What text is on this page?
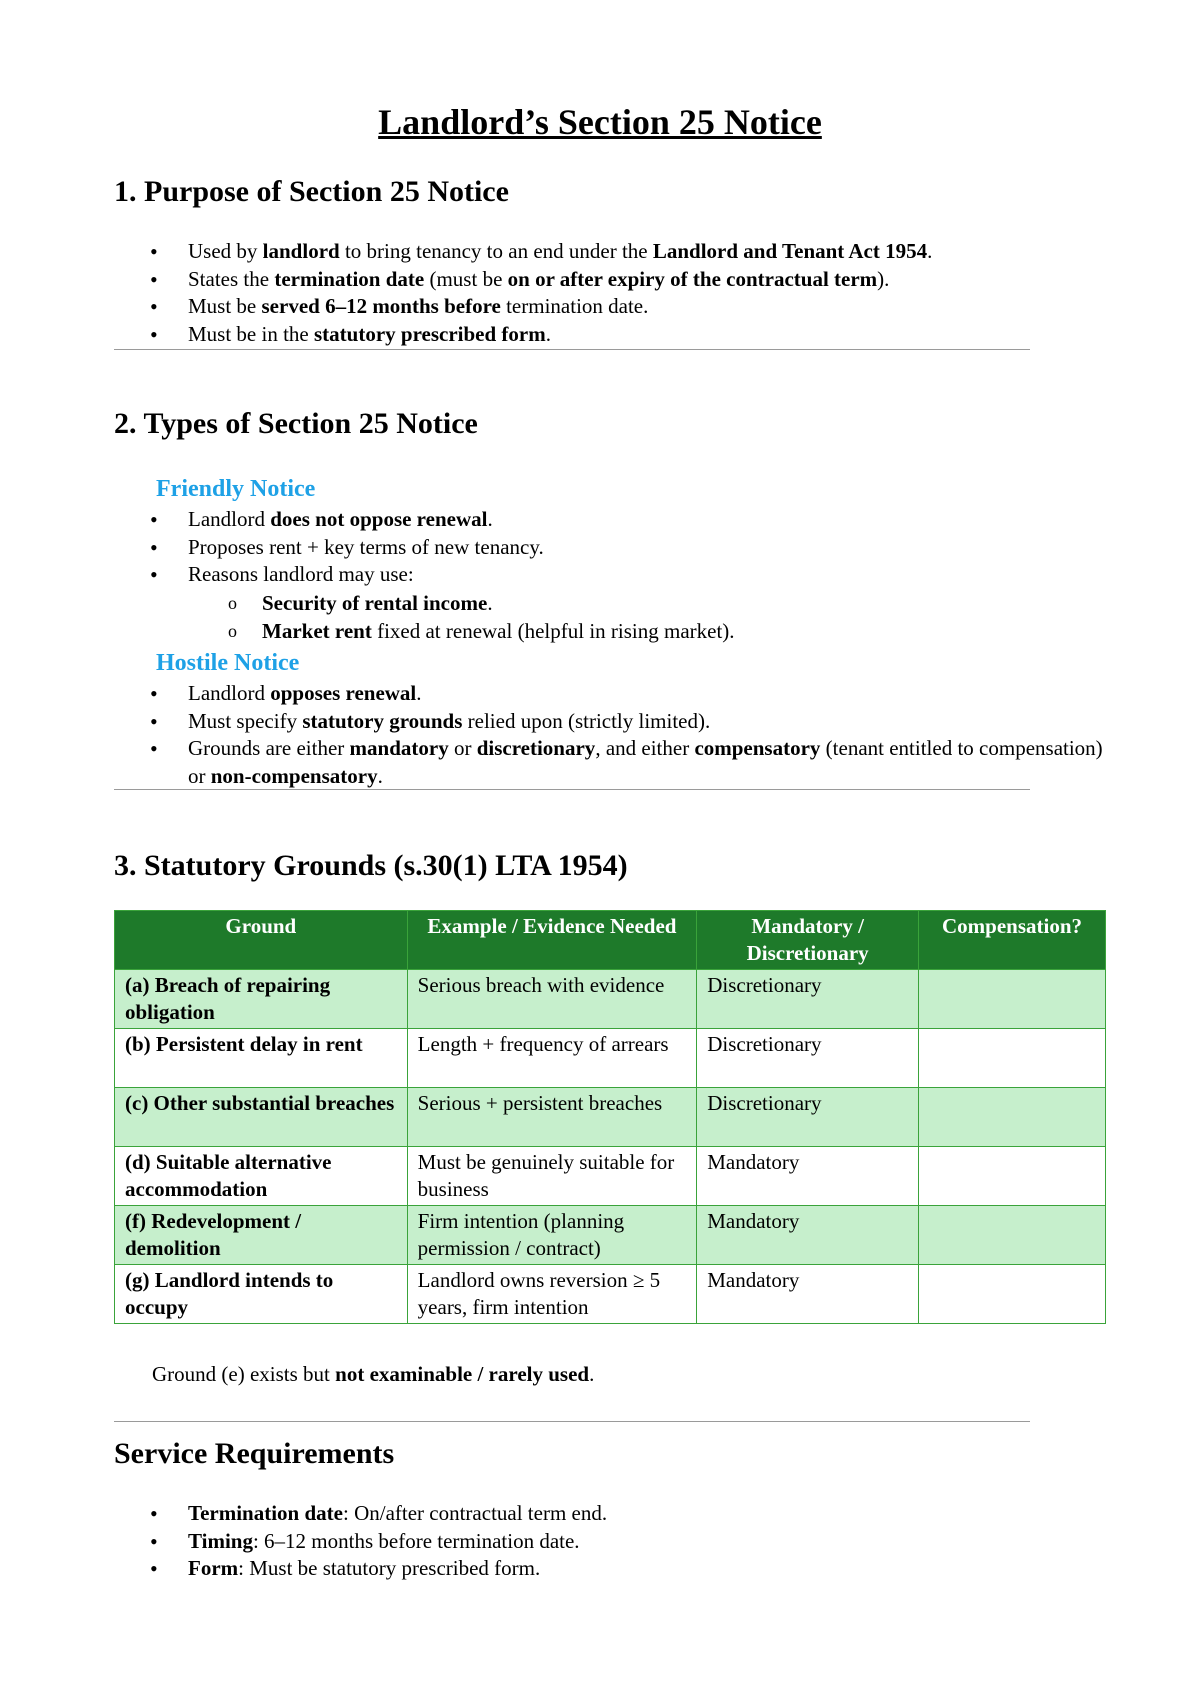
Landlord’s Section 25 Notice
1. Purpose of Section 25 Notice
• Used by landlord to bring tenancy to an end under the Landlord and Tenant Act 1954.
• States the termination date (must be on or after expiry of the contractual term).
• Must be served 6–12 months before termination date.
• Must be in the statutory prescribed form.
2. Types of Section 25 Notice
Friendly Notice
• Landlord does not oppose renewal.
• Proposes rent + key terms of new tenancy.
• Reasons landlord may use:
o Security of rental income.
o Market rent fixed at renewal (helpful in rising market).
Hostile Notice
• Landlord opposes renewal.
• Must specify statutory grounds relied upon (strictly limited).
• Grounds are either mandatory or discretionary, and either compensatory (tenant entitled to compensation) or non-compensatory.
3. Statutory Grounds (s.30(1) LTA 1954)
Ground	Example / Evidence Needed	Mandatory / Discretionary	Compensation?
(a) Breach of repairing obligation	Serious breach with evidence	Discretionary	
(b) Persistent delay in rent	Length + frequency of arrears	Discretionary	
(c) Other substantial breaches	Serious + persistent breaches	Discretionary	
(d) Suitable alternative accommodation	Must be genuinely suitable for business	Mandatory	
(f) Redevelopment / demolition	Firm intention (planning permission / contract)	Mandatory	
(g) Landlord intends to occupy	Landlord owns reversion ≥ 5 years, firm intention	Mandatory	

Ground (e) exists but not examinable / rarely used.

Service Requirements
• Termination date: On/after contractual term end.
• Timing: 6–12 months before termination date.
• Form: Must be statutory prescribed form.
